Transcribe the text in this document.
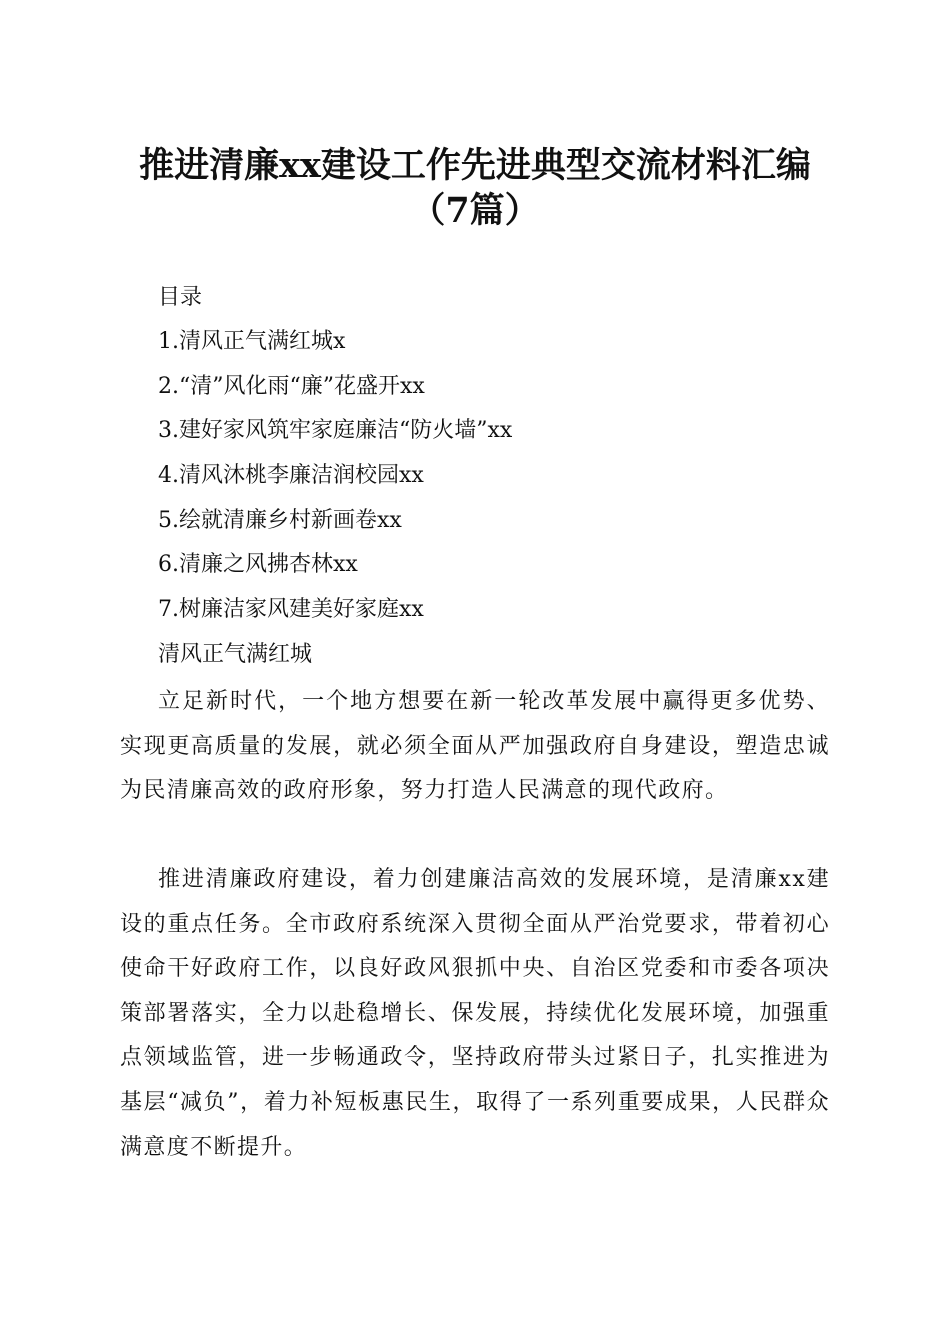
推进清廉xx建设工作先进典型交流材料汇编
（7篇）
目录
1.清风正气满红城x
2.“清”风化雨“廉”花盛开xx
3.建好家风筑牢家庭廉洁“防火墙”xx
4.清风沐桃李廉洁润校园xx
5.绘就清廉乡村新画卷xx
6.清廉之风拂杏林xx
7.树廉洁家风建美好家庭xx
清风正气满红城
立足新时代，一个地方想要在新一轮改革发展中赢得更多优势、实现更高质量的发展，就必须全面从严加强政府自身建设，塑造忠诚为民清廉高效的政府形象，努力打造人民满意的现代政府。
推进清廉政府建设，着力创建廉洁高效的发展环境，是清廉xx建设的重点任务。全市政府系统深入贯彻全面从严治党要求，带着初心使命干好政府工作，以良好政风狠抓中央、自治区党委和市委各项决策部署落实，全力以赴稳增长、保发展，持续优化发展环境，加强重点领域监管，进一步畅通政令，坚持政府带头过紧日子，扎实推进为基层“减负”，着力补短板惠民生，取得了一系列重要成果，人民群众满意度不断提升。
